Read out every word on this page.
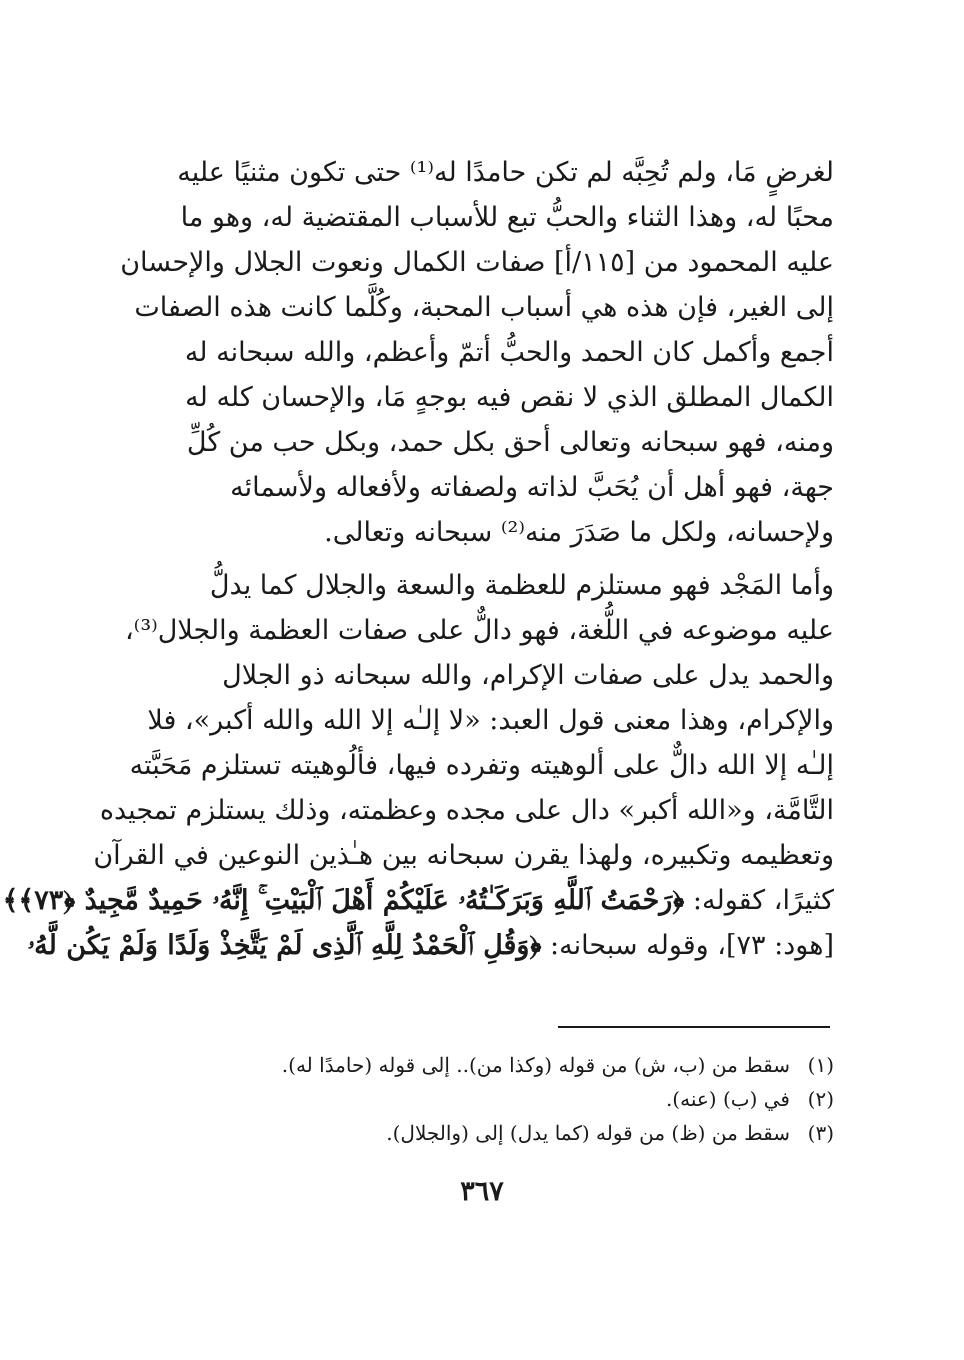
لغرضٍ مَا، ولم تُحِبَّه لم تكن حامدًا له⁽¹⁾ حتى تكون مثنيًا عليه
محبًا له، وهذا الثناء والحبُّ تبع للأسباب المقتضية له، وهو ما
عليه المحمود من [١١٥/أ] صفات الكمال ونعوت الجلال والإحسان
إلى الغير، فإن هذه هي أسباب المحبة، وكُلَّما كانت هذه الصفات
أجمع وأكمل كان الحمد والحبُّ أتمّ وأعظم، والله سبحانه له
الكمال المطلق الذي لا نقص فيه بوجهٍ مَا، والإحسان كله له
ومنه، فهو سبحانه وتعالى أحق بكل حمد، وبكل حب من كُلِّ
جهة، فهو أهل أن يُحَبَّ لذاته ولصفاته ولأفعاله ولأسمائه
ولإحسانه، ولكل ما صَدَرَ منه⁽²⁾ سبحانه وتعالى.

وأما المَجْد فهو مستلزم للعظمة والسعة والجلال كما يدلُّ
عليه موضوعه في اللُّغة، فهو دالٌّ على صفات العظمة والجلال⁽³⁾،
والحمد يدل على صفات الإكرام، والله سبحانه ذو الجلال
والإكرام، وهذا معنى قول العبد: «لا إلـٰه إلا الله والله أكبر»، فلا
إلـٰه إلا الله دالٌّ على ألوهيته وتفرده فيها، فألُوهيته تستلزم مَحَبَّته
التَّامَّة، و«الله أكبر» دال على مجده وعظمته، وذلك يستلزم تمجيده
وتعظيمه وتكبيره، ولهذا يقرن سبحانه بين هـٰذين النوعين في القرآن
كثيرًا، كقوله: ﴿رَحْمَتُ ٱللَّهِ وَبَرَكَـٰتُهُۥ عَلَيْكُمْ أَهْلَ ٱلْبَيْتِ ۚ إِنَّهُۥ حَمِيدٌ مَّجِيدٌ ﴿٧٣﴾﴾
[هود: ٧٣]، وقوله سبحانه: ﴿وَقُلِ ٱلْحَمْدُ لِلَّهِ ٱلَّذِى لَمْ يَتَّخِذْ وَلَدًا وَلَمْ يَكُن لَّهُۥ

(١)
سقط من (ب، ش) من قوله (وكذا من).. إلى قوله (حامدًا له).
(٢)
في (ب) (عنه).
(٣)
سقط من (ظ) من قوله (كما يدل) إلى (والجلال).
٣٦٧
